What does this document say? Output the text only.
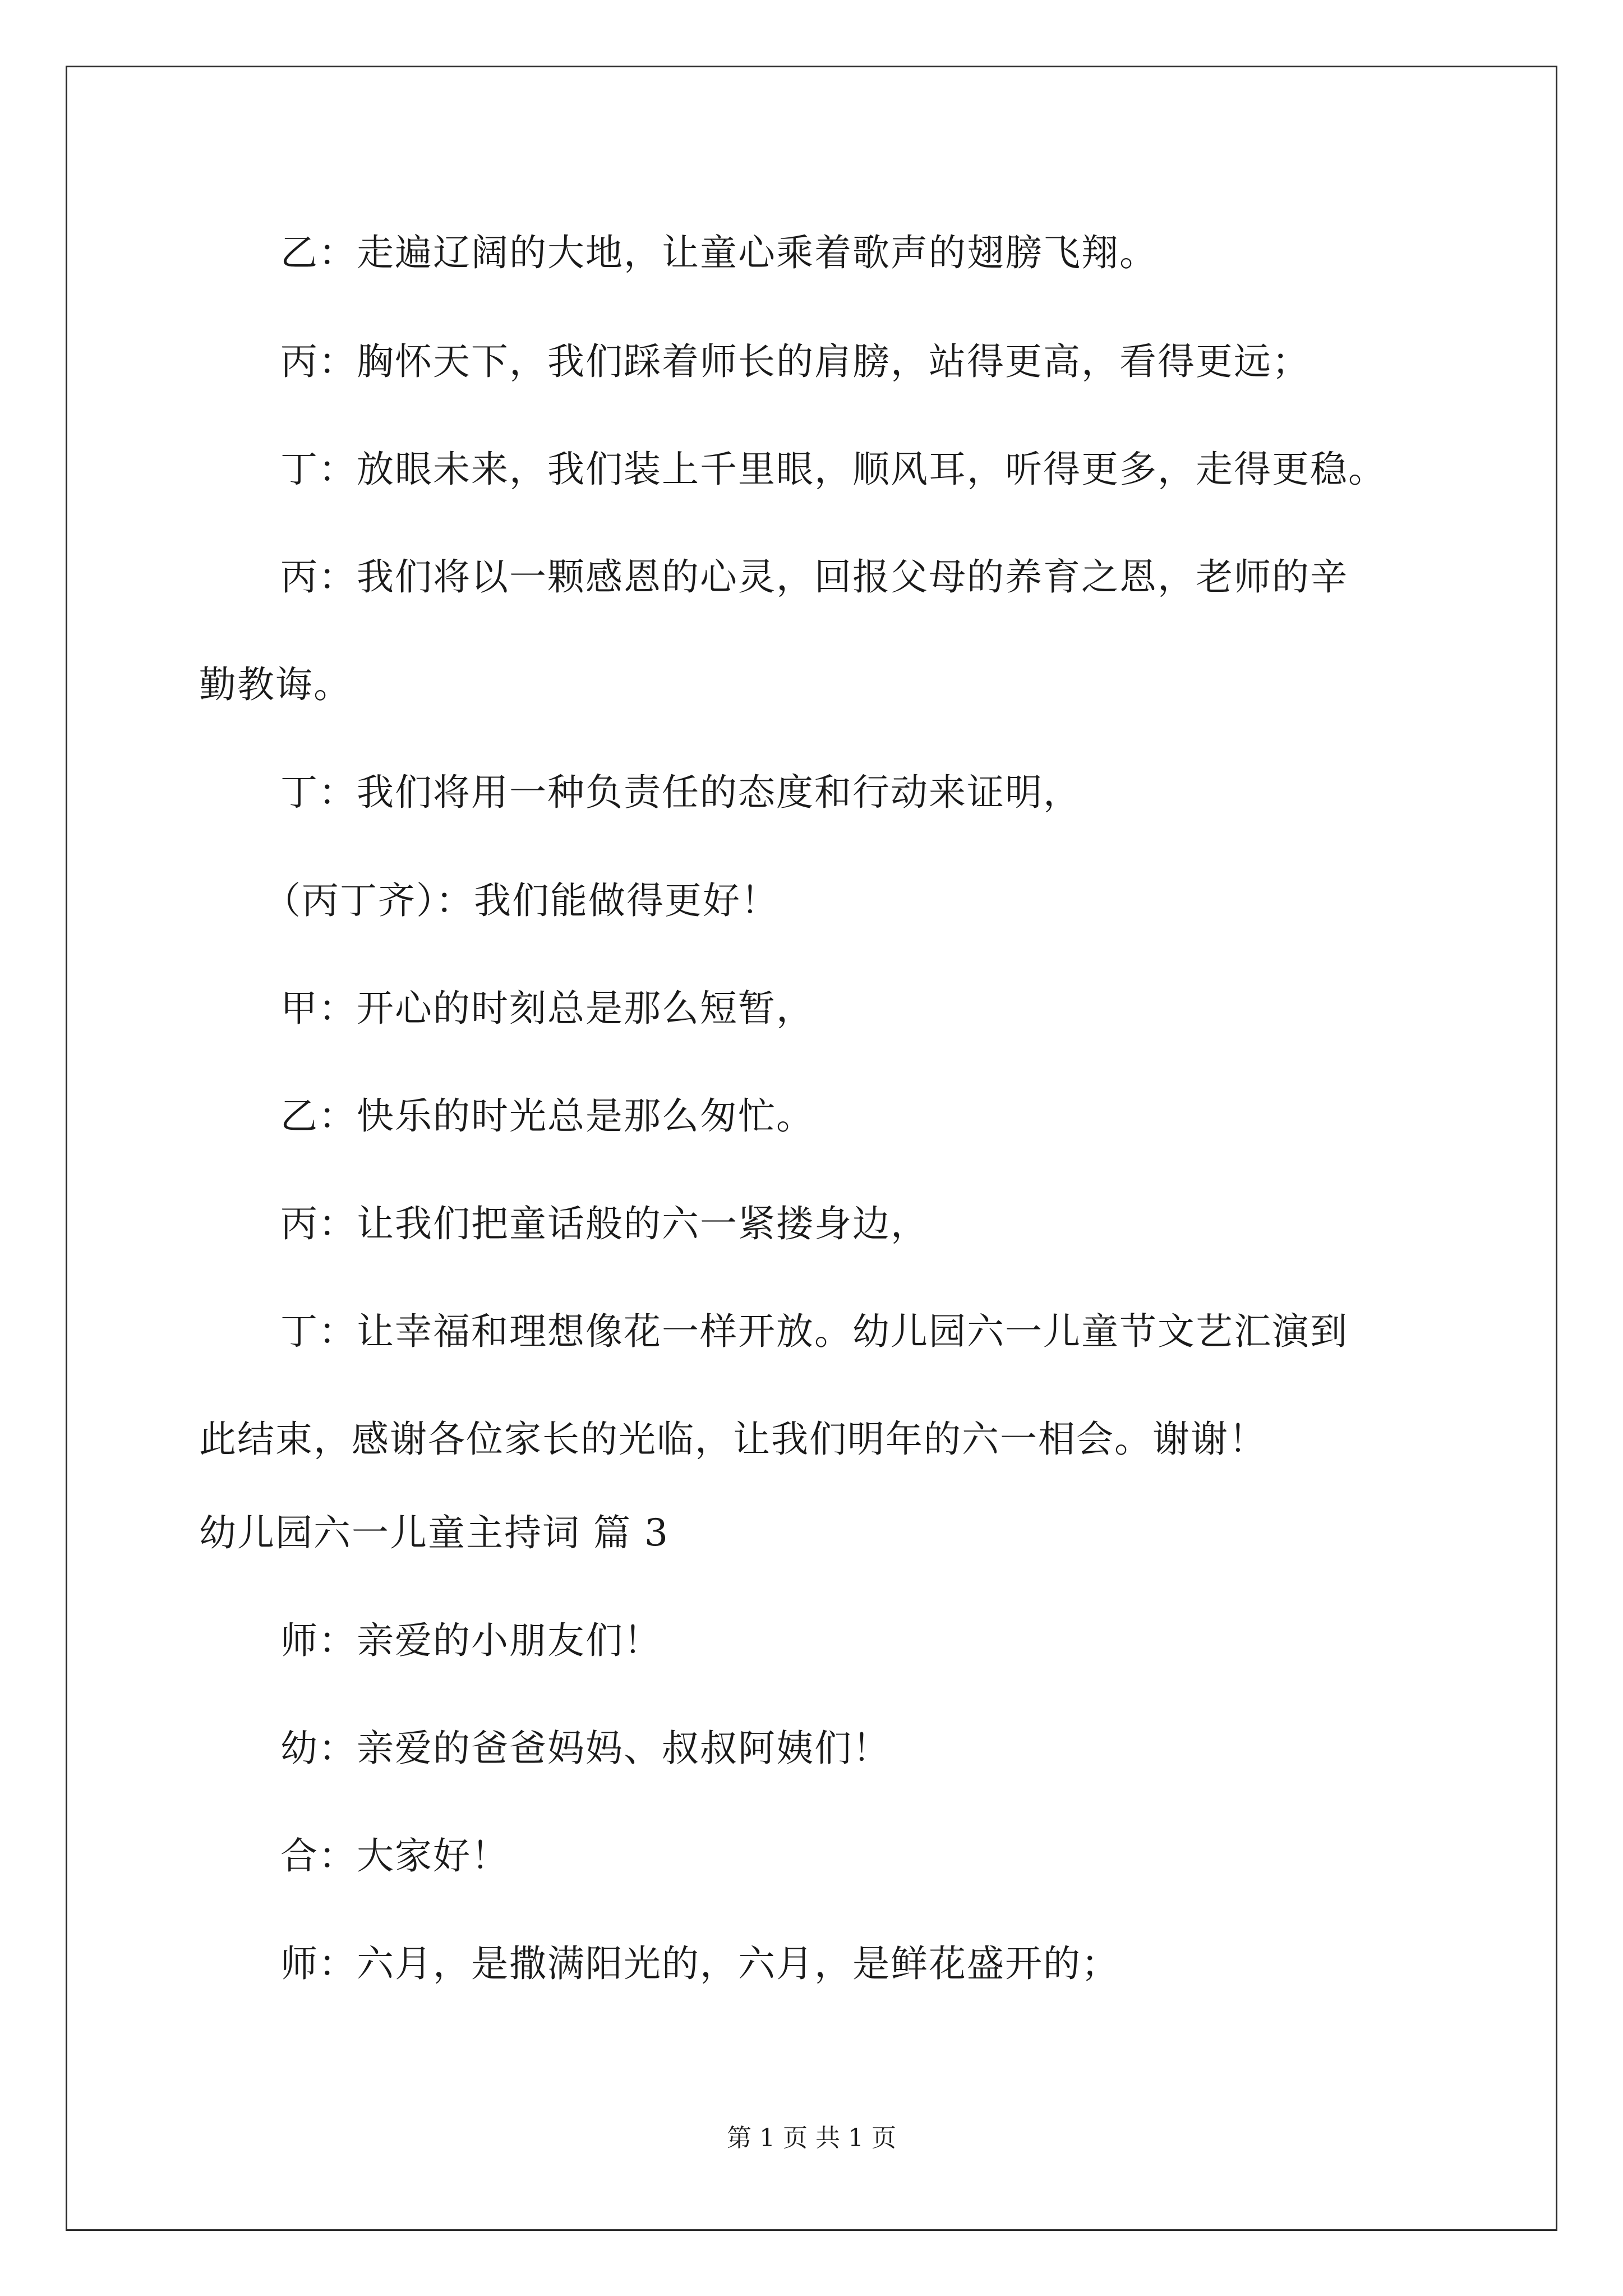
乙：走遍辽阔的大地，让童心乘着歌声的翅膀飞翔。
丙：胸怀天下，我们踩着师长的肩膀，站得更高，看得更远；
丁：放眼未来，我们装上千里眼，顺风耳，听得更多，走得更稳。
丙：我们将以一颗感恩的心灵，回报父母的养育之恩，老师的辛
勤教诲。
丁：我们将用一种负责任的态度和行动来证明，
（丙丁齐）：我们能做得更好！
甲：开心的时刻总是那么短暂，
乙：快乐的时光总是那么匆忙。
丙：让我们把童话般的六一紧搂身边，
丁：让幸福和理想像花一样开放。幼儿园六一儿童节文艺汇演到
此结束，感谢各位家长的光临，让我们明年的六一相会。谢谢！
幼儿园六一儿童主持词 篇 3
师：亲爱的小朋友们！
幼：亲爱的爸爸妈妈、叔叔阿姨们！
合：大家好！
师：六月，是撒满阳光的，六月，是鲜花盛开的；
第 1 页 共 1 页
